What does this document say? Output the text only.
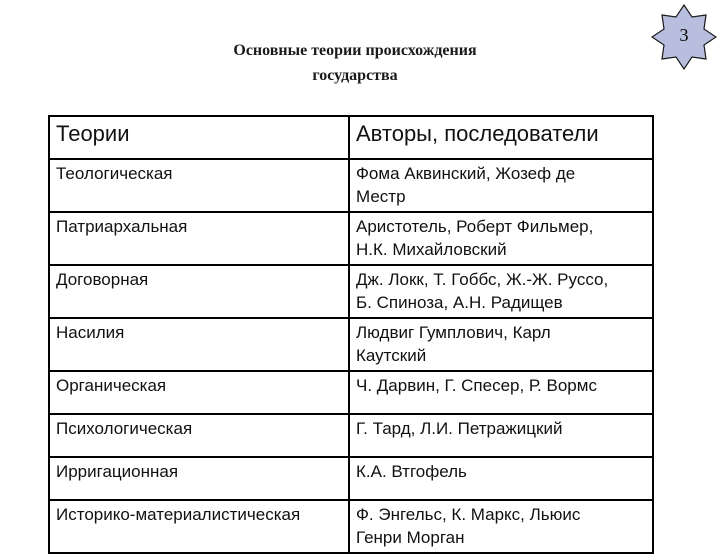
Основные теории происхождения
государства
3
Теории	Авторы, последователи
Теологическая	Фома Аквинский, Жозеф де
Местр

Патриархальная	Аристотель, Роберт Фильмер,
Н.К. Михайловский

Договорная	Дж. Локк, Т. Гоббс, Ж.-Ж. Руссо,
Б. Спиноза, А.Н. Радищев

Насилия	Людвиг Гумплович, Карл
Каутский

Органическая	Ч. Дарвин, Г. Спесер, Р. Вормс

Психологическая	Г. Тард, Л.И. Петражицкий

Ирригационная	К.А. Втгофель

Историко-материалистическая	Ф. Энгельс, К. Маркс, Льюис
Генри Морган
